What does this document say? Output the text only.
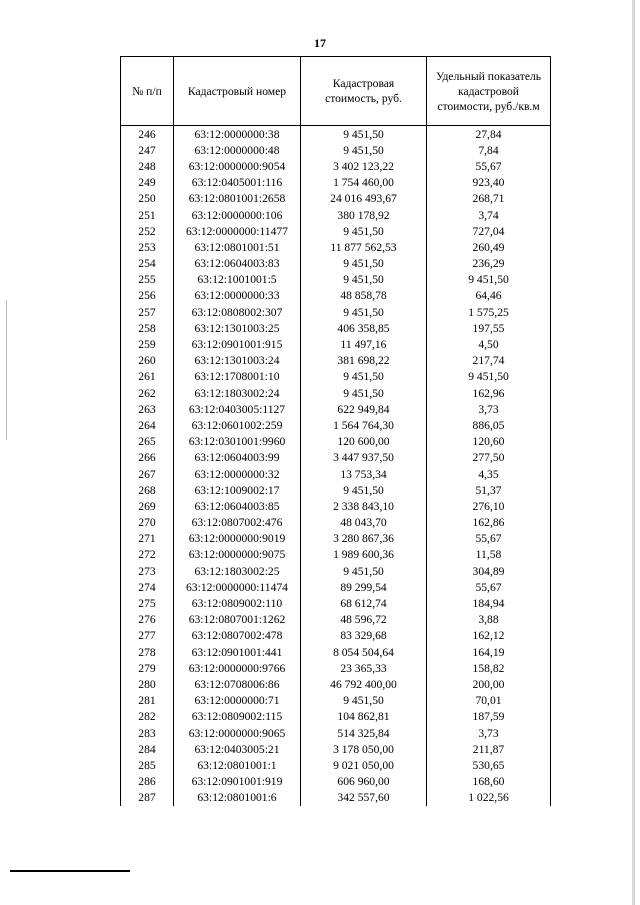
17
№ п/п	Кадастровый номер	Кадастровая стоимость, руб.	Удельный показатель кадастровой стоимости, руб./кв.м
246	63:12:0000000:38	9 451,50	27,84
247	63:12:0000000:48	9 451,50	7,84
248	63:12:0000000:9054	3 402 123,22	55,67
249	63:12:0405001:116	1 754 460,00	923,40
250	63:12:0801001:2658	24 016 493,67	268,71
251	63:12:0000000:106	380 178,92	3,74
252	63:12:0000000:11477	9 451,50	727,04
253	63:12:0801001:51	11 877 562,53	260,49
254	63:12:0604003:83	9 451,50	236,29
255	63:12:1001001:5	9 451,50	9 451,50
256	63:12:0000000:33	48 858,78	64,46
257	63:12:0808002:307	9 451,50	1 575,25
258	63:12:1301003:25	406 358,85	197,55
259	63:12:0901001:915	11 497,16	4,50
260	63:12:1301003:24	381 698,22	217,74
261	63:12:1708001:10	9 451,50	9 451,50
262	63:12:1803002:24	9 451,50	162,96
263	63:12:0403005:1127	622 949,84	3,73
264	63:12:0601002:259	1 564 764,30	886,05
265	63:12:0301001:9960	120 600,00	120,60
266	63:12:0604003:99	3 447 937,50	277,50
267	63:12:0000000:32	13 753,34	4,35
268	63:12:1009002:17	9 451,50	51,37
269	63:12:0604003:85	2 338 843,10	276,10
270	63:12:0807002:476	48 043,70	162,86
271	63:12:0000000:9019	3 280 867,36	55,67
272	63:12:0000000:9075	1 989 600,36	11,58
273	63:12:1803002:25	9 451,50	304,89
274	63:12:0000000:11474	89 299,54	55,67
275	63:12:0809002:110	68 612,74	184,94
276	63:12:0807001:1262	48 596,72	3,88
277	63:12:0807002:478	83 329,68	162,12
278	63:12:0901001:441	8 054 504,64	164,19
279	63:12:0000000:9766	23 365,33	158,82
280	63:12:0708006:86	46 792 400,00	200,00
281	63:12:0000000:71	9 451,50	70,01
282	63:12:0809002:115	104 862,81	187,59
283	63:12:0000000:9065	514 325,84	3,73
284	63:12:0403005:21	3 178 050,00	211,87
285	63:12:0801001:1	9 021 050,00	530,65
286	63:12:0901001:919	606 960,00	168,60
287	63:12:0801001:6	342 557,60	1 022,56
